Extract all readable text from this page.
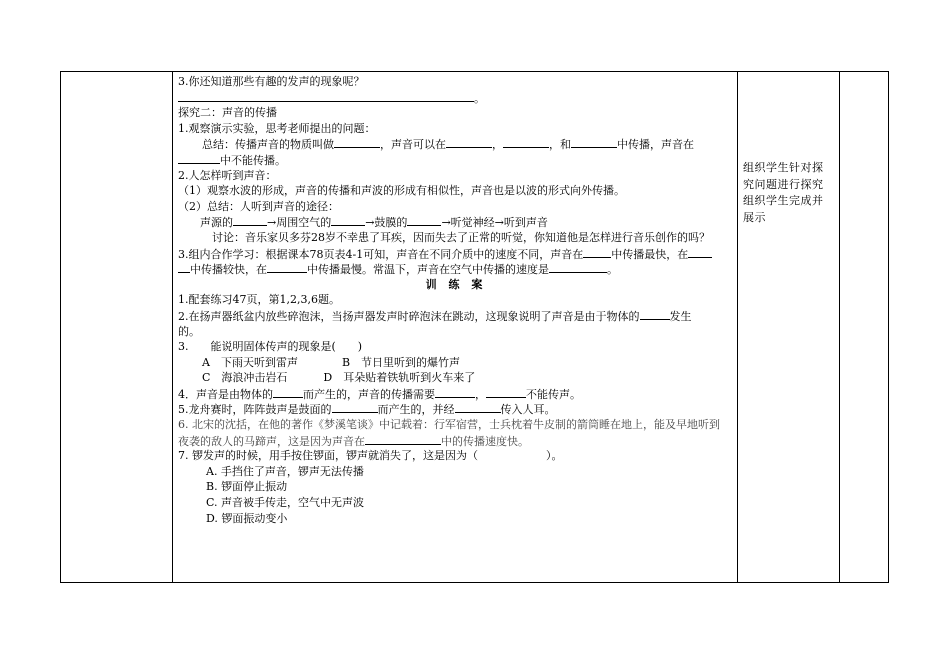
3.你还知道那些有趣的发声的现象呢？
。
探究二：声音的传播
1.观察演示实验，思考老师提出的问题：
总结：传播声音的物质叫做	，声音可以在	，	，和	中传播，声音在
中不能传播。
2.人怎样听到声音：
（1）观察水波的形成，声音的传播和声波的形成有相似性，声音也是以波的形式向外传播。
（2）总结：人听到声音的途径：
声源的	→周围空气的	→鼓膜的	→听觉神经→听到声音
讨论：音乐家贝多芬28岁不幸患了耳疾，因而失去了正常的听觉，你知道他是怎样进行音乐创作的吗？
3.组内合作学习：根据课本78页表4-1可知，声音在不同介质中的速度不同，声音在	中传播最快，在
中传播较快，在	中传播最慢。常温下，声音在空气中传播的速度是	。
训 练 案
1.配套练习47页，第1,2,3,6题。
2.在扬声器纸盆内放些碎泡沫，当扬声器发声时碎泡沫在跳动，这现象说明了声音是由于物体的	发生
的。
3.　　能说明固体传声的现象是(　　)
A　下雨天听到雷声	B　节日里听到的爆竹声
C　海浪冲击岩石	D　耳朵贴着铁轨听到火车来了
4．声音是由物体的	而产生的，声音的传播需要	，	不能传声。
5.龙舟赛时，阵阵鼓声是鼓面的	而产生的，并经	传入人耳。
6. 北宋的沈括，在他的著作《梦溪笔谈》中记载着：行军宿营，士兵枕着牛皮制的箭筒睡在地上，能及早地听到
夜袭的敌人的马蹄声，这是因为声音在	中的传播速度快。
7. 锣发声的时候，用手按住锣面，锣声就消失了，这是因为（	）。
A. 手挡住了声音，锣声无法传播
B. 锣面停止振动
C. 声音被手传走，空气中无声波
D. 锣面振动变小
组织学生针对探
究问题进行探究
组织学生完成并
展示
